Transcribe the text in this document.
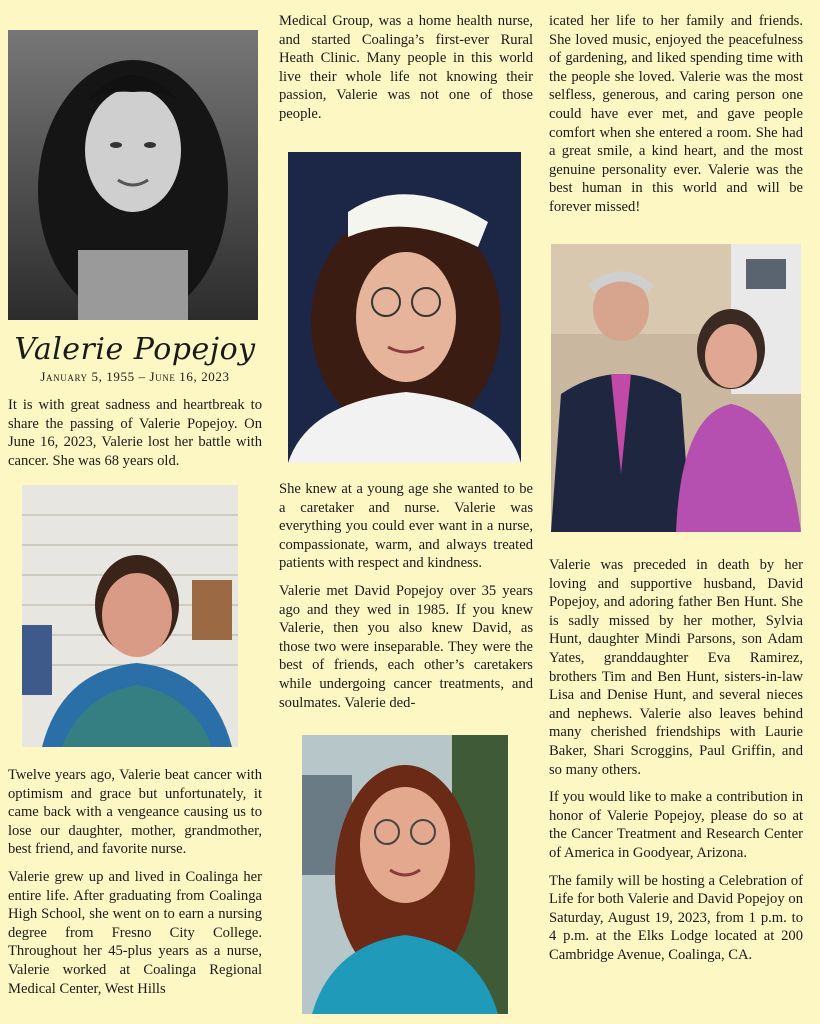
Valerie Popejoy
January 5, 1955 – June 16, 2023

It is with great sadness and heartbreak to share the passing of Valerie Popejoy. On June 16, 2023, Valerie lost her battle with cancer. She was 68 years old.

Twelve years ago, Valerie beat cancer with optimism and grace but unfortunately, it came back with a vengeance causing us to lose our daughter, mother, grandmother, best friend, and favorite nurse.

Valerie grew up and lived in Coalinga her entire life. After graduating from Coalinga High School, she went on to earn a nursing degree from Fresno City College. Throughout her 45-plus years as a nurse, Valerie worked at Coalinga Regional Medical Center, West Hills

Medical Group, was a home health nurse, and started Coalinga’s first-ever Rural Heath Clinic. Many people in this world live their whole life not knowing their passion, Valerie was not one of those people.

She knew at a young age she wanted to be a caretaker and nurse. Valerie was everything you could ever want in a nurse, compassionate, warm, and always treated patients with respect and kindness.

Valerie met David Popejoy over 35 years ago and they wed in 1985. If you knew Valerie, then you also knew David, as those two were inseparable. They were the best of friends, each other’s caretakers while undergoing cancer treatments, and soulmates. Valerie ded-

icated her life to her family and friends. She loved music, enjoyed the peacefulness of gardening, and liked spending time with the people she loved. Valerie was the most selfless, generous, and caring person one could have ever met, and gave people comfort when she entered a room. She had a great smile, a kind heart, and the most genuine personality ever. Valerie was the best human in this world and will be forever missed!

Valerie was preceded in death by her loving and supportive husband, David Popejoy, and adoring father Ben Hunt. She is sadly missed by her mother, Sylvia Hunt, daughter Mindi Parsons, son Adam Yates, granddaughter Eva Ramirez, brothers Tim and Ben Hunt, sisters-in-law Lisa and Denise Hunt, and several nieces and nephews. Valerie also leaves behind many cherished friendships with Laurie Baker, Shari Scroggins, Paul Griffin, and so many others.

If you would like to make a contribution in honor of Valerie Popejoy, please do so at the Cancer Treatment and Research Center of America in Goodyear, Arizona.

The family will be hosting a Celebration of Life for both Valerie and David Popejoy on Saturday, August 19, 2023, from 1 p.m. to 4 p.m. at the Elks Lodge located at 200 Cambridge Avenue, Coalinga, CA.
